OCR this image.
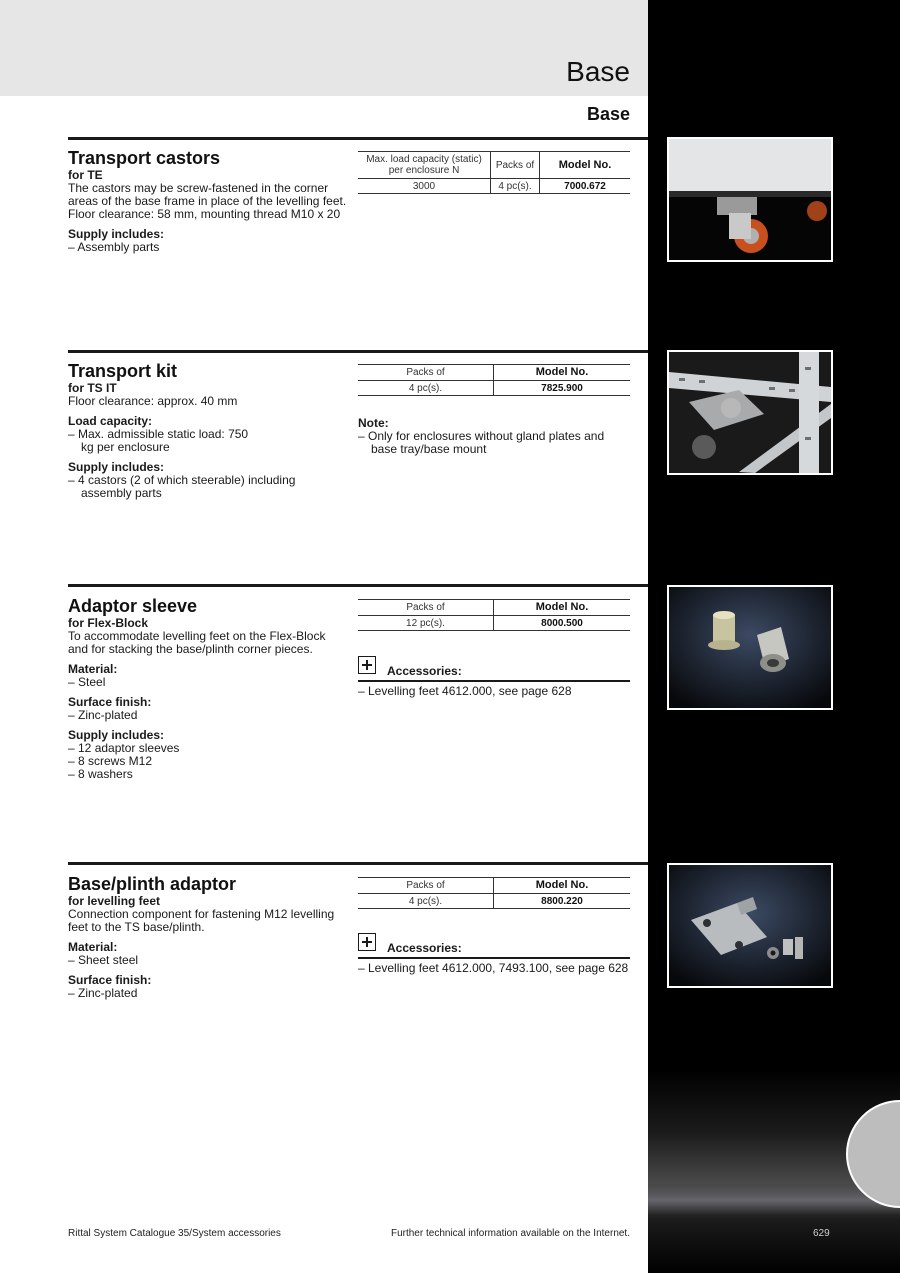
Base
Base
Transport castors
for TE

The castors may be screw-fastened in the corner areas of the base frame in place of the levelling feet. Floor clearance: 58 mm, mounting thread M10 x 20

Supply includes:
– Assembly parts
Max. load capacity (static) per enclosure N	Packs of	Model No.
3000	4 pc(s).	7000.672
Transport kit
for TS IT

Floor clearance: approx. 40 mm

Load capacity:
– Max. admissible static load: 750 kg per enclosure
Supply includes:
– 4 castors (2 of which steerable) including assembly parts
Packs of	Model No.
4 pc(s).	7825.900
Note:
– Only for enclosures without gland plates and base tray/base mount
Adaptor sleeve
for Flex-Block

To accommodate levelling feet on the Flex-Block and for stacking the base/plinth corner pieces.

Material:
– Steel
Surface finish:
– Zinc-plated
Supply includes:
– 12 adaptor sleeves
– 8 screws M12
– 8 washers
Packs of	Model No.
12 pc(s).	8000.500
Accessories:
– Levelling feet 4612.000, see page 628
Base/plinth adaptor
for levelling feet

Connection component for fastening M12 levelling feet to the TS base/plinth.

Material:
– Sheet steel
Surface finish:
– Zinc-plated
Packs of	Model No.
4 pc(s).	8800.220
Accessories:
– Levelling feet 4612.000, 7493.100, see page 628
Rittal System Catalogue 35/System accessories	Further technical information available on the Internet.	629
